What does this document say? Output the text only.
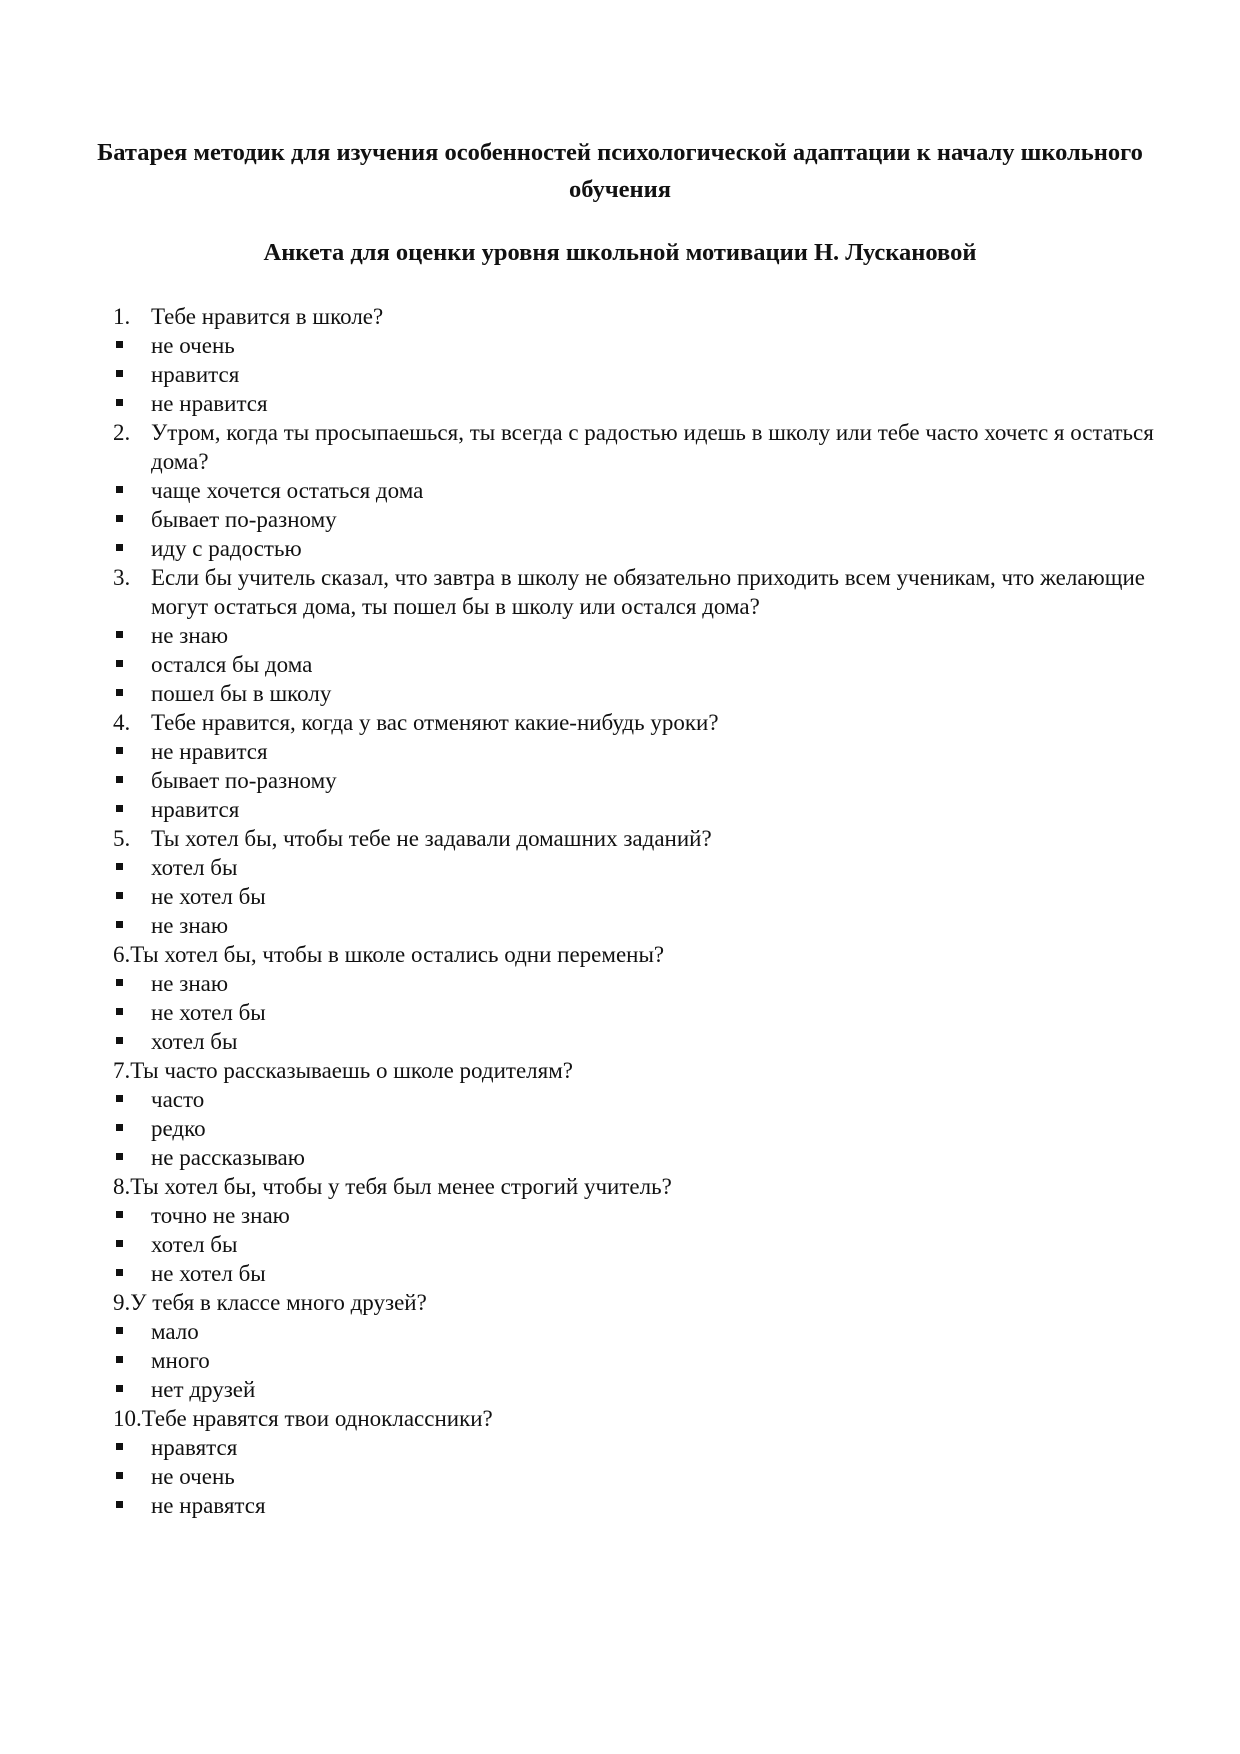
Батарея методик для изучения особенностей психологической адаптации к началу школьного обучения
Анкета для оценки уровня школьной мотивации Н. Лускановой
1. Тебе нравится в школе?
не очень
нравится
не нравится
2. Утром, когда ты просыпаешься, ты всегда с радостью идешь в школу или тебе часто хочетс я остаться дома?
чаще хочется остаться дома
бывает по-разному
иду с радостью
3. Если бы учитель сказал, что завтра в школу не обязательно приходить всем ученикам, что желающие могут остаться дома, ты пошел бы в школу или остался дома?
не знаю
остался бы дома
пошел бы в школу
4. Тебе нравится, когда у вас отменяют какие-нибудь уроки?
не нравится
бывает по-разному
нравится
5. Ты хотел бы, чтобы тебе не задавали домашних заданий?
хотел бы
не хотел бы
не знаю
6.Ты хотел бы, чтобы в школе остались одни перемены?
не знаю
не хотел бы
хотел бы
7.Ты часто рассказываешь о школе родителям?
часто
редко
не рассказываю
8.Ты хотел бы, чтобы у тебя был менее строгий учитель?
точно не знаю
хотел бы
не хотел бы
9.У тебя в классе много друзей?
мало
много
нет друзей
10.Тебе нравятся твои одноклассники?
нравятся
не очень
не нравятся
